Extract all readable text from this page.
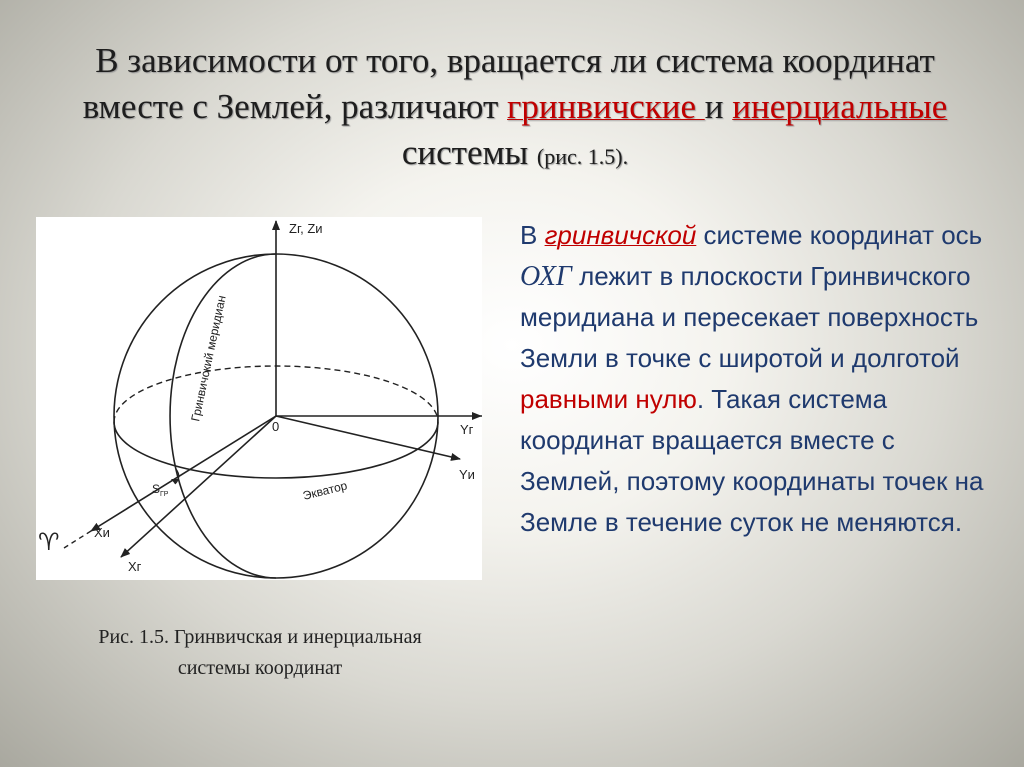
В зависимости от того, вращается ли система координат
вместе с Землей, различают гринвичские и инерциальные
системы (рис. 1.5).
Zг, Zи
0	Yг
Yи
Xи
Xг
♈
Гринвичский меридиан
Экватор
$S_{ГР}$
Рис. 1.5. Гринвичская и инерциальная
системы координат
В гринвичской системе координат ось ОХГ лежит в плоскости Гринвичского меридиана и пересекает поверхность Земли в точке с широтой и долготой равными нулю. Такая система координат вращается вместе с Землей, поэтому координаты точек на Земле в течение суток не меняются.
